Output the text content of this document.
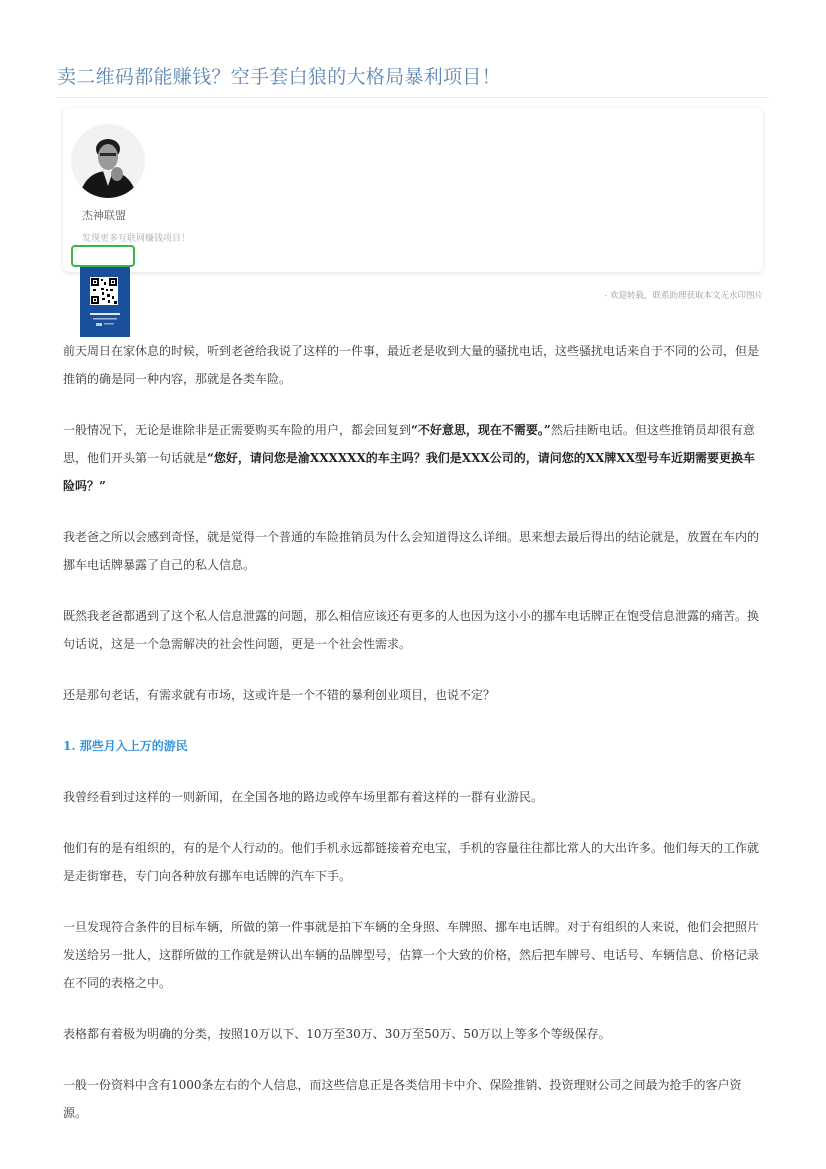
卖二维码都能赚钱？空手套白狼的大格局暴利项目！
杰神联盟
发现更多互联网赚钱项目！
- 欢迎转载，联系助理获取本文无水印图片

前天周日在家休息的时候，听到老爸给我说了这样的一件事，最近老是收到大量的骚扰电话，这些骚扰电话来自于不同的公司，但是推销的确是同一种内容，那就是各类车险。

一般情况下，无论是谁除非是正需要购买车险的用户，都会回复到“不好意思，现在不需要。”然后挂断电话。但这些推销员却很有意思，他们开头第一句话就是“您好，请问您是渝XXXXXX的车主吗？我们是XXX公司的，请问您的XX牌XX型号车近期需要更换车险吗？”

我老爸之所以会感到奇怪，就是觉得一个普通的车险推销员为什么会知道得这么详细。思来想去最后得出的结论就是，放置在车内的挪车电话牌暴露了自己的私人信息。

既然我老爸都遇到了这个私人信息泄露的问题，那么相信应该还有更多的人也因为这小小的挪车电话牌正在饱受信息泄露的痛苦。换句话说，这是一个急需解决的社会性问题，更是一个社会性需求。

还是那句老话，有需求就有市场，这或许是一个不错的暴利创业项目，也说不定？

1. 那些月入上万的游民

我曾经看到过这样的一则新闻，在全国各地的路边或停车场里都有着这样的一群有业游民。

他们有的是有组织的，有的是个人行动的。他们手机永远都链接着充电宝，手机的容量往往都比常人的大出许多。他们每天的工作就是走街窜巷，专门向各种放有挪车电话牌的汽车下手。

一旦发现符合条件的目标车辆，所做的第一件事就是拍下车辆的全身照、车牌照、挪车电话牌。对于有组织的人来说，他们会把照片发送给另一批人，这群所做的工作就是辨认出车辆的品牌型号，估算一个大致的价格，然后把车牌号、电话号、车辆信息、价格记录在不同的表格之中。

表格都有着极为明确的分类，按照10万以下、10万至30万、30万至50万、50万以上等多个等级保存。

一般一份资料中含有1000条左右的个人信息，而这些信息正是各类信用卡中介、保险推销、投资理财公司之间最为抢手的客户资源。
